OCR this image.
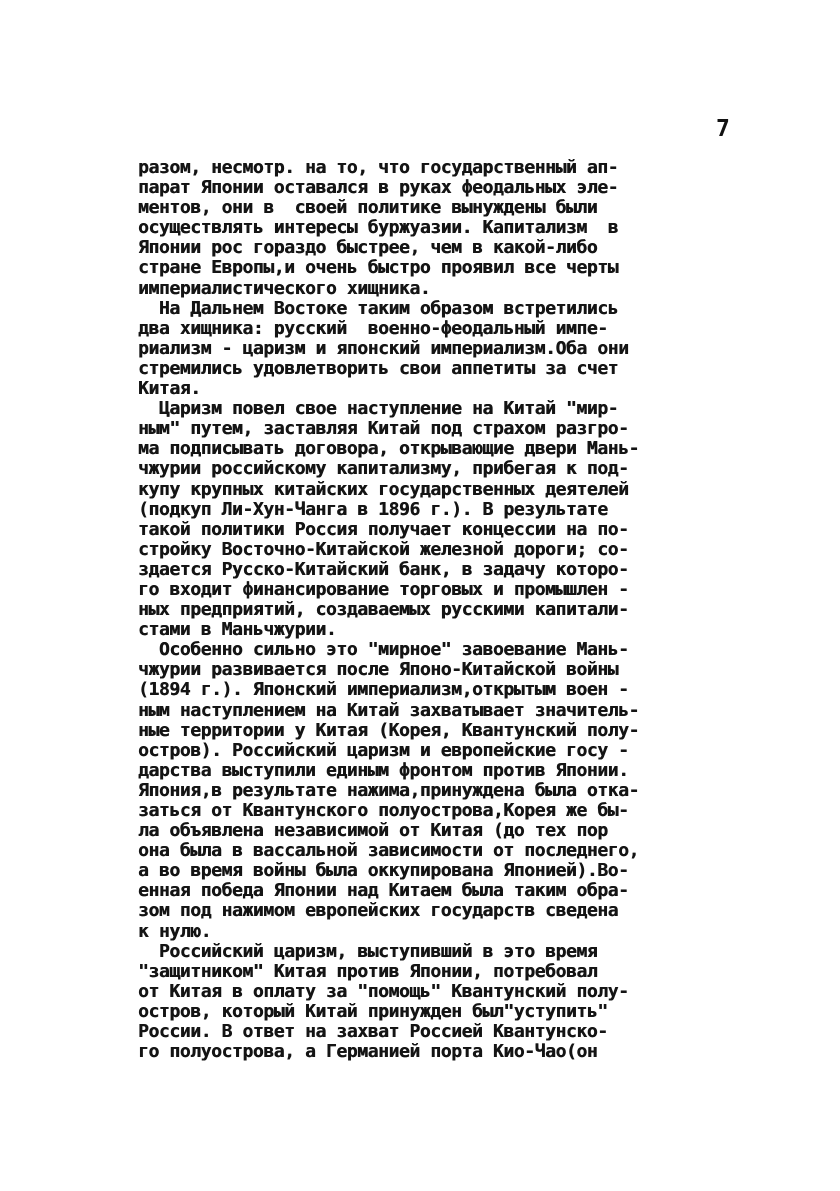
7
разом, несмотр. на то, что государственный ап-
парат Японии оставался в руках феодальных эле-
ментов, они в  своей политике вынуждены были
осуществлять интересы буржуазии. Капитализм  в
Японии рос гораздо быстрее, чем в какой-либо
стране Европы,и очень быстро проявил все черты
империалистического хищника.
На Дальнем Востоке таким образом встретились
два хищника: русский  военно-феодальный импе-
риализм - царизм и японский империализм.Оба они
стремились удовлетворить свои аппетиты за счет
Китая.
Царизм повел свое наступление на Китай "мир-
ным" путем, заставляя Китай под страхом разгро-
ма подписывать договора, открывающие двери Мань-
чжурии российскому капитализму, прибегая к под-
купу крупных китайских государственных деятелей
(подкуп Ли-Хун-Чанга в 1896 г.). В результате
такой политики Россия получает концессии на по-
стройку Восточно-Китайской железной дороги; со-
здается Русско-Китайский банк, в задачу которо-
го входит финансирование торговых и промышлен -
ных предприятий, создаваемых русскими капитали-
стами в Маньчжурии.
Особенно сильно это "мирное" завоевание Мань-
чжурии развивается после Японо-Китайской войны
(1894 г.). Японский империализм,открытым воен -
ным наступлением на Китай захватывает значитель-
ные территории у Китая (Корея, Квантунский полу-
остров). Российский царизм и европейские госу -
дарства выступили единым фронтом против Японии.
Япония,в результате нажима,принуждена была отка-
заться от Квантунского полуострова,Корея же бы-
ла объявлена независимой от Китая (до тех пор
она была в вассальной зависимости от последнего,
а во время войны была оккупирована Японией).Во-
енная победа Японии над Китаем была таким обра-
зом под нажимом европейских государств сведена
к нулю.
Российский царизм, выступивший в это время
"защитником" Китая против Японии, потребовал
от Китая в оплату за "помощь" Квантунский полу-
остров, который Китай принужден был"уступить"
России. В ответ на захват Россией Квантунско-
го полуострова, а Германией порта Кио-Чао(он
